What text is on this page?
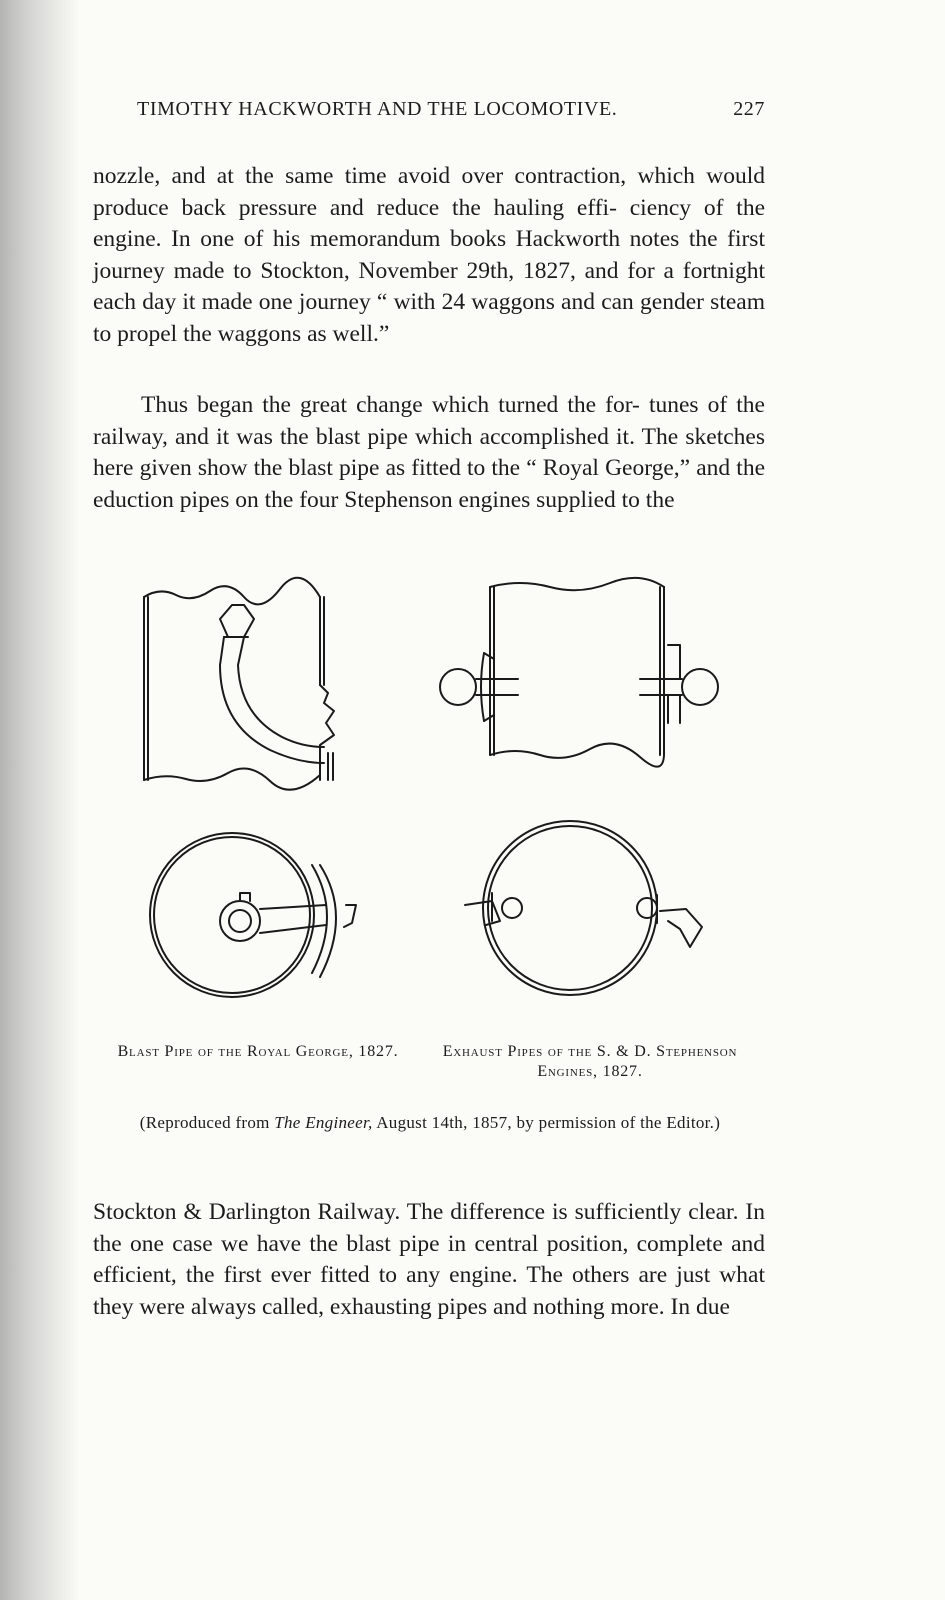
TIMOTHY HACKWORTH AND THE LOCOMOTIVE.	227

nozzle, and at the same time avoid over contraction, which would produce back pressure and reduce the hauling effi- ciency of the engine. In one of his memorandum books Hackworth notes the first journey made to Stockton, November 29th, 1827, and for a fortnight each day it made one journey “ with 24 waggons and can gender steam to propel the waggons as well.”

Thus began the great change which turned the for- tunes of the railway, and it was the blast pipe which accomplished it. The sketches here given show the blast pipe as fitted to the “ Royal George,” and the eduction pipes on the four Stephenson engines supplied to the

Blast Pipe of the Royal George, 1827.	Exhaust Pipes of the S. & D. Stephenson Engines, 1827.
(Reproduced from The Engineer, August 14th, 1857, by permission of the Editor.)

Stockton & Darlington Railway. The difference is sufficiently clear. In the one case we have the blast pipe in central position, complete and efficient, the first ever fitted to any engine. The others are just what they were always called, exhausting pipes and nothing more. In due
